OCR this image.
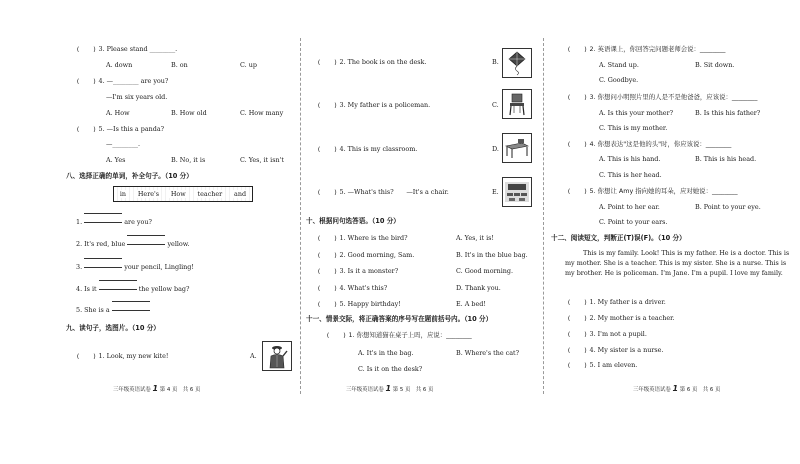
(　　) 3. Please stand ________.
A. down	B. on	C. up
(　　) 4. —________ are you?
—I'm six years old.
A. How	B. How old	C. How many
(　　) 5. —Is this a panda?
—________.
A. Yes	B. No, it is	C. Yes, it isn't
八、选择正确的单词，补全句子。（10 分）
in	Here's	How	teacher	and
1.	are you?
2. It's red, blue	yellow.
3.	your pencil, Lingling!
4. Is it	the yellow bag?
5. She is a
九、读句子，选图片。（10 分）
(　　) 1. Look, my new kite!	A.
三年级英语试卷 1 第 4 页　共 6 页
(　　) 2. The book is on the desk.	B.
(　　) 3. My father is a policeman.	C.
(　　) 4. This is my classroom.	D.
(　　) 5. —What's this?　　—It's a chair.	E.
十、根据问句选答语。（10 分）
(　　) 1. Where is the bird?	A. Yes, it is!
(　　) 2. Good morning, Sam.	B. It's in the blue bag.
(　　) 3. Is it a monster?	C. Good morning.
(　　) 4. What's this?	D. Thank you.
(　　) 5. Happy birthday!	E. A bed!
十一、情景交际，将正确答案的序号写在题前括号内。（10 分）
(　　) 1. 你想知道猫在桌子上吗，应说：________
A. It's in the bag.	B. Where's the cat?
C. Is it on the desk?
三年级英语试卷 1 第 5 页　共 6 页
(　　) 2. 英语课上，你回答完问题老师会说：________
A. Stand up.	B. Sit down.
C. Goodbye.
(　　) 3. 你想问小明照片里的人是不是他爸爸，应该说：________
A. Is this your mother?	B. Is this his father?
C. This is my mother.
(　　) 4. 你想表达"这是他的头"时，你应该说：________
A. This is his hand.	B. This is his head.
C. This is her head.
(　　) 5. 你想让 Amy 指向她的耳朵，应对她说：________
A. Point to her ear.	B. Point to your eye.
C. Point to your ears.
十二、阅读短文，判断正(T)误(F)。（10 分）
This is my family. Look! This is my father. He is a doctor. This is my mother. She is a teacher. This is my sister. She is a nurse. This is my brother. He is policeman. I'm Jane. I'm a pupil. I love my family.
(　　) 1. My father is a driver.
(　　) 2. My mother is a teacher.
(　　) 3. I'm not a pupil.
(　　) 4. My sister is a nurse.
(　　) 5. I am eleven.
三年级英语试卷 1 第 6 页　共 6 页
